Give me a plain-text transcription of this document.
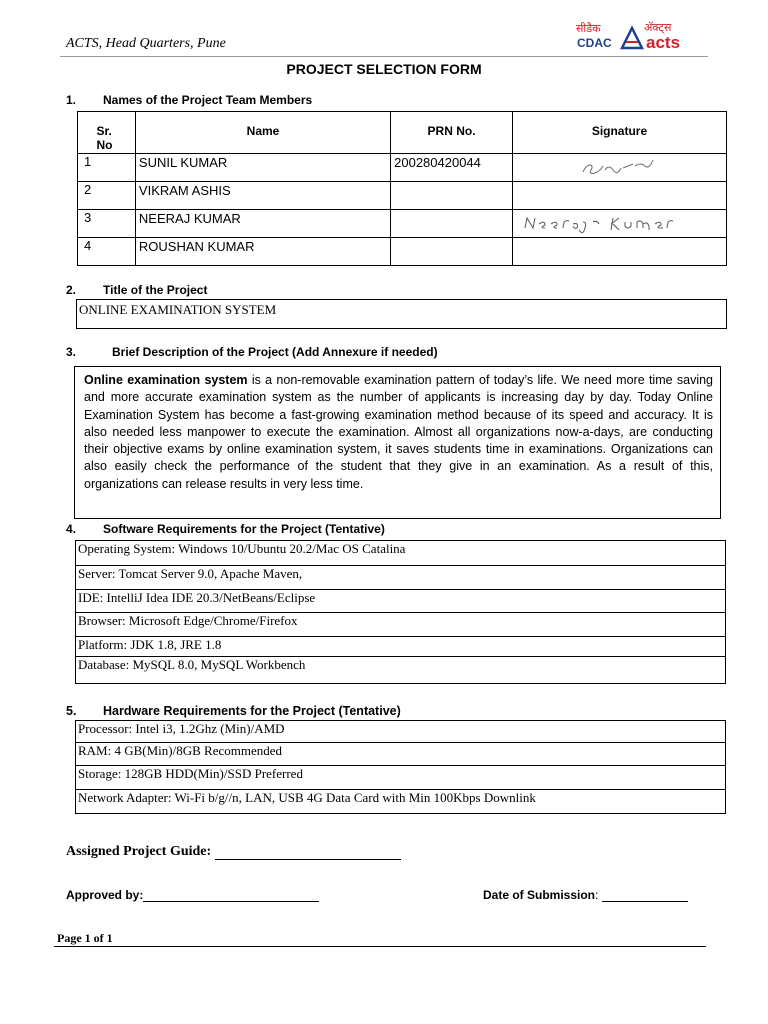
ACTS, Head Quarters, Pune
सीडैक
CDAC
अ‍ॅक्ट्स
acts
PROJECT SELECTION FORM
1. Names of the Project Team Members
Sr. No	Name	PRN No.	Signature
1	SUNIL KUMAR	200280420044	

2	VIKRAM ASHIS		
3	NEERAJ KUMAR		

4	ROUSHAN KUMAR		
2. Title of the Project
ONLINE EXAMINATION SYSTEM
3.	Brief Description of the Project (Add Annexure if needed)
Online examination system is a non-removable examination pattern of today’s life. We need more time saving and more accurate examination system as the number of applicants is increasing day by day. Today Online Examination System has become a fast-growing examination method because of its speed and accuracy. It is also needed less manpower to execute the examination. Almost all organizations now-a-days, are conducting their objective exams by online examination system, it saves students time in examinations. Organizations can also easily check the performance of the student that they give in an examination. As a result of this, organizations can release results in very less time.
4. Software Requirements for the Project (Tentative)
Operating System: Windows 10/Ubuntu 20.2/Mac OS Catalina
Server: Tomcat Server 9.0, Apache Maven,
IDE: IntelliJ Idea IDE 20.3/NetBeans/Eclipse
Browser: Microsoft Edge/Chrome/Firefox
Platform: JDK 1.8, JRE 1.8
Database: MySQL 8.0, MySQL Workbench
5. Hardware Requirements for the Project (Tentative)
Processor: Intel i3, 1.2Ghz (Min)/AMD
RAM: 4 GB(Min)/8GB Recommended
Storage: 128GB HDD(Min)/SSD Preferred
Network Adapter: Wi-Fi b/g//n, LAN, USB 4G Data Card with Min 100Kbps Downlink
Assigned Project Guide:
Approved by:	Date of Submission:
Page 1 of 1
